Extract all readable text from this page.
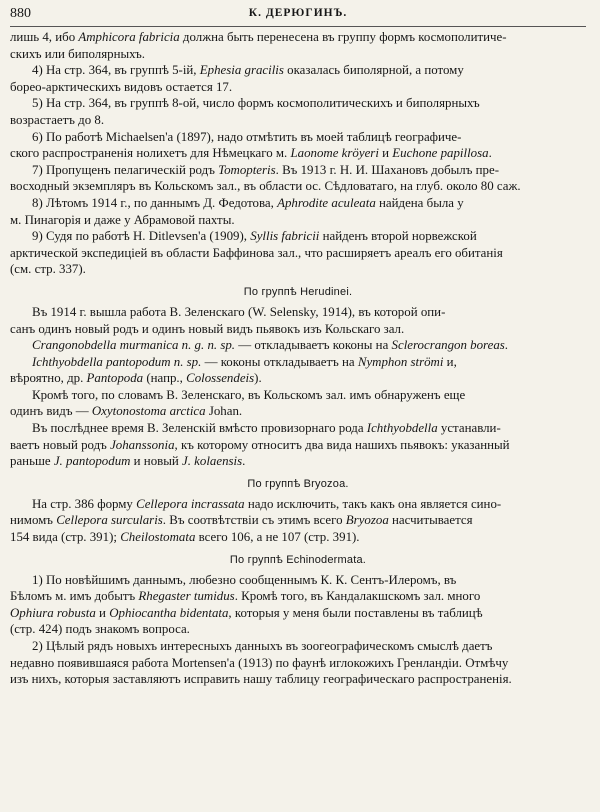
880	К. ДЕРЮГИНЪ.
лишь 4, ибо Amphicora fabricia должна быть перенесена въ группу формъ космополитиче-
скихъ или биполярныхъ.
4) На стр. 364, въ группѣ 5-ій, Ephesia gracilis оказалась биполярной, а потому
борео-арктическихъ видовъ остается 17.
5) На стр. 364, въ группѣ 8-ой, число формъ космополитическихъ и биполярныхъ
возрастаетъ до 8.
6) По работѣ Michaelsen'а (1897), надо отмѣтить въ моей таблицѣ географиче-
ского распространенія нолихетъ для Нѣмецкаго м. Laonome kröyeri и Euchone papillosa.
7) Пропущенъ пелагическій родъ Tomopteris. Въ 1913 г. Н. И. Шахановъ добылъ пре-
восходный экземпляръ въ Кольскомъ зал., въ области ос. Сѣдловатаго, на глуб. около 80 саж.
8) Лѣтомъ 1914 г., по даннымъ Д. Федотова, Aphrodite aculeata найдена была у
м. Пинагорія и даже у Абрамовой пахты.
9) Судя по работѣ H. Ditlevsen'а (1909), Syllis fabricii найденъ второй норвежской
арктической экспедиціей въ области Баффинова зал., что расширяетъ ареалъ его обитанія
(см. стр. 337).
По группѣ Herudinei.
Въ 1914 г. вышла работа В. Зеленскаго (W. Selensky, 1914), въ которой опи-
санъ одинъ новый родъ и одинъ новый видъ пьявокъ изъ Кольскаго зал.
Crangonobdella murmanica n. g. n. sp. — откладываетъ коконы на Sclerocrangon boreas.
Ichthyobdella pantopodum n. sp. — коконы откладываетъ на Nymphon strömi и,
вѣроятно, др. Pantopoda (напр., Colossendeis).
Кромѣ того, по словамъ В. Зеленскаго, въ Кольскомъ зал. имъ обнаруженъ еще
одинъ видъ — Oxytonostoma arctica Johan.
Въ послѣднее время В. Зеленскій вмѣсто провизорнаго рода Ichthyobdella устанавли-
ваетъ новый родъ Johanssonia, къ которому относитъ два вида нашихъ пьявокъ: указанный
раньше J. pantopodum и новый J. kolaensis.
По группѣ Bryozoa.
На стр. 386 форму Cellepora incrassata надо исключить, такъ какъ она является сино-
нимомъ Cellepora surcularis. Въ соотвѣтствіи съ этимъ всего Bryozoa насчитывается
154 вида (стр. 391); Cheilostomata всего 106, а не 107 (стр. 391).
По группѣ Echinodermata.
1) По новѣйшимъ даннымъ, любезно сообщеннымъ К. К. Сентъ-Илеромъ, въ
Бѣломъ м. имъ добытъ Rhegaster tumidus. Кромѣ того, въ Кандалакшскомъ зал. много
Ophiura robusta и Ophiocantha bidentata, которыя у меня были поставлены въ таблицѣ
(стр. 424) подъ знакомъ вопроса.
2) Цѣлый рядъ новыхъ интересныхъ данныхъ въ зоогеографическомъ смыслѣ даетъ
недавно появившаяся работа Mortensen'а (1913) по фаунѣ иглокожихъ Гренландіи. Отмѣчу
изъ нихъ, которыя заставляютъ исправить нашу таблицу географическаго распространенія.
